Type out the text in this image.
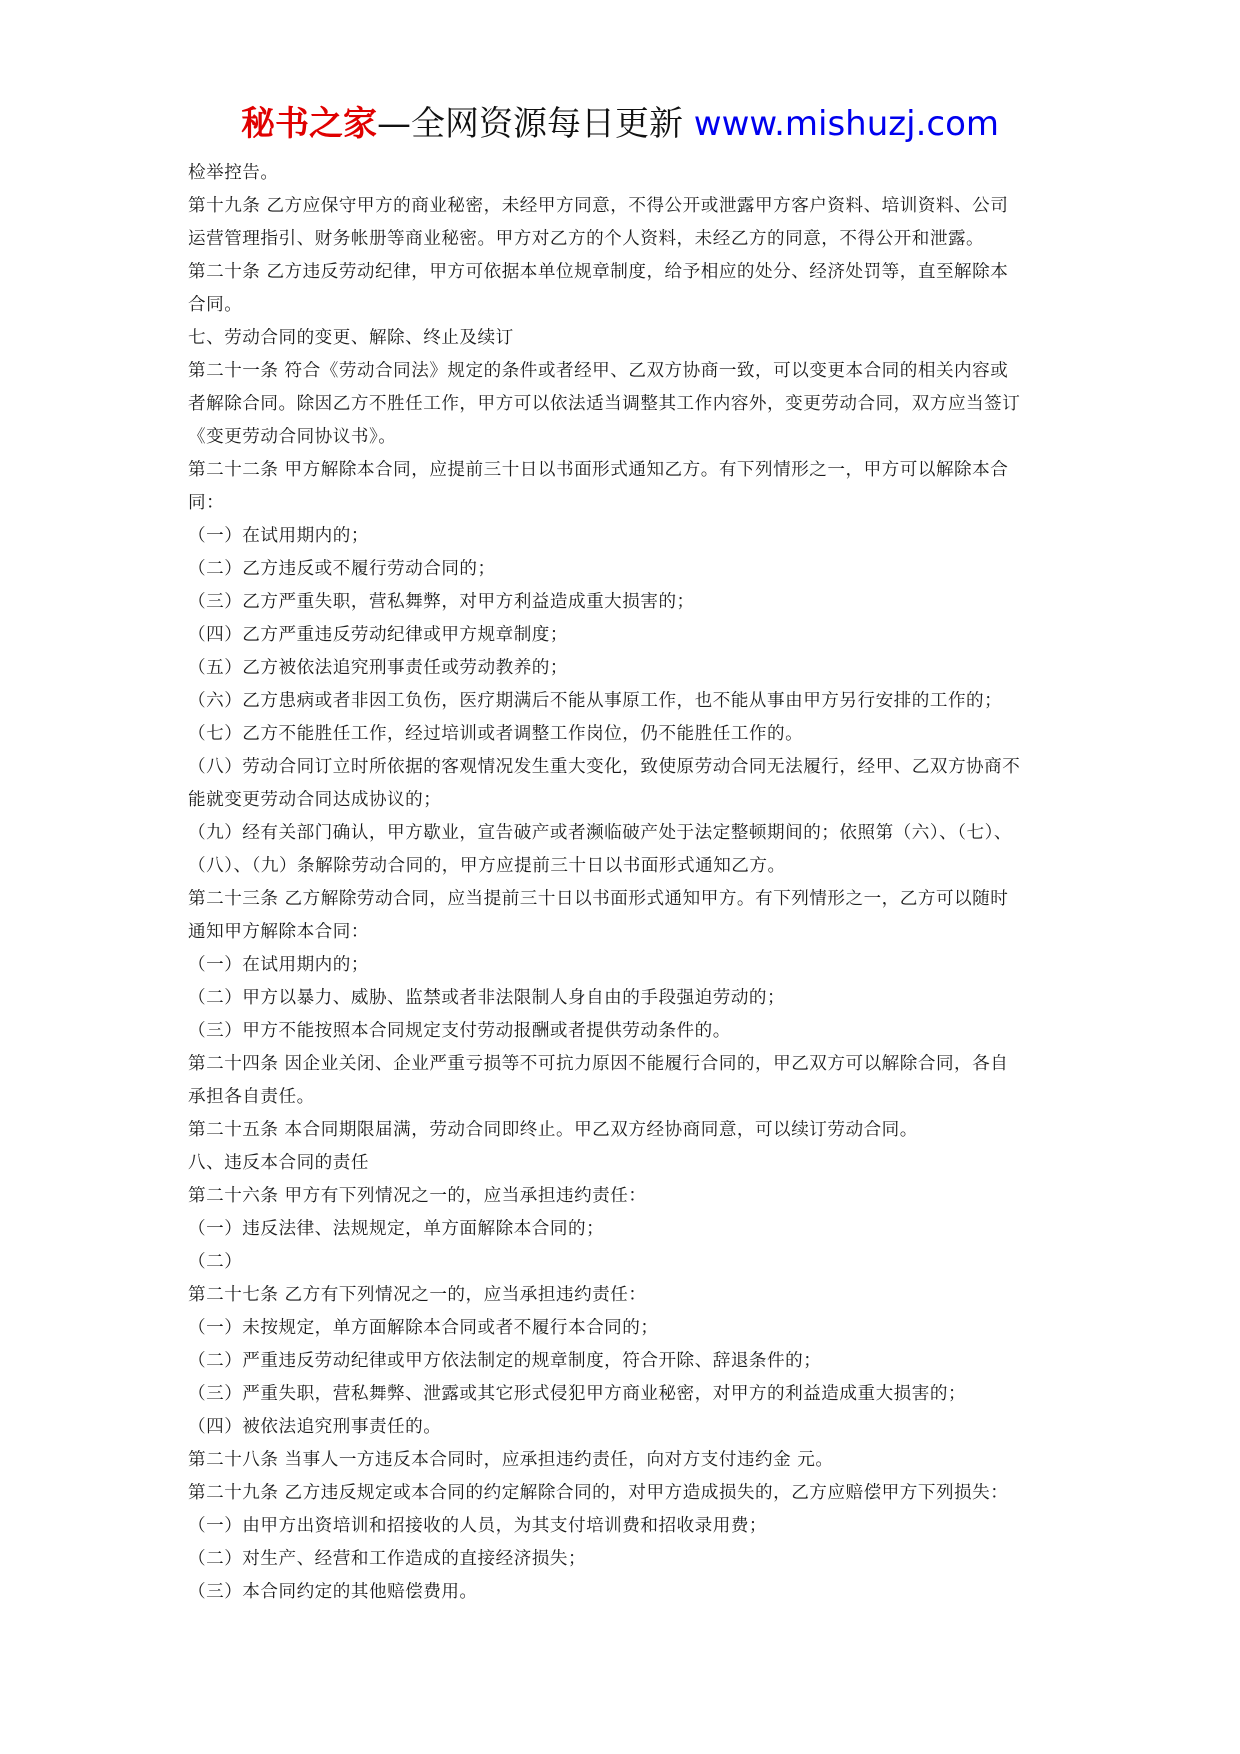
秘书之家—全网资源每日更新 www.mishuzj.com
检举控告。
第十九条 乙方应保守甲方的商业秘密，未经甲方同意，不得公开或泄露甲方客户资料、培训资料、公司
运营管理指引、财务帐册等商业秘密。甲方对乙方的个人资料，未经乙方的同意，不得公开和泄露。
第二十条 乙方违反劳动纪律，甲方可依据本单位规章制度，给予相应的处分、经济处罚等，直至解除本
合同。
七、劳动合同的变更、解除、终止及续订
第二十一条 符合《劳动合同法》规定的条件或者经甲、乙双方协商一致，可以变更本合同的相关内容或
者解除合同。除因乙方不胜任工作，甲方可以依法适当调整其工作内容外，变更劳动合同，双方应当签订
《变更劳动合同协议书》。
第二十二条 甲方解除本合同，应提前三十日以书面形式通知乙方。有下列情形之一，甲方可以解除本合
同：
（一）在试用期内的；
（二）乙方违反或不履行劳动合同的；
（三）乙方严重失职，营私舞弊，对甲方利益造成重大损害的；
（四）乙方严重违反劳动纪律或甲方规章制度；
（五）乙方被依法追究刑事责任或劳动教养的；
（六）乙方患病或者非因工负伤，医疗期满后不能从事原工作，也不能从事由甲方另行安排的工作的；
（七）乙方不能胜任工作，经过培训或者调整工作岗位，仍不能胜任工作的。
（八）劳动合同订立时所依据的客观情况发生重大变化，致使原劳动合同无法履行，经甲、乙双方协商不
能就变更劳动合同达成协议的；
（九）经有关部门确认，甲方歇业，宣告破产或者濒临破产处于法定整顿期间的；依照第（六）、（七）、
（八）、（九）条解除劳动合同的，甲方应提前三十日以书面形式通知乙方。
第二十三条 乙方解除劳动合同，应当提前三十日以书面形式通知甲方。有下列情形之一，乙方可以随时
通知甲方解除本合同：
（一）在试用期内的；
（二）甲方以暴力、威胁、监禁或者非法限制人身自由的手段强迫劳动的；
（三）甲方不能按照本合同规定支付劳动报酬或者提供劳动条件的。
第二十四条 因企业关闭、企业严重亏损等不可抗力原因不能履行合同的，甲乙双方可以解除合同，各自
承担各自责任。
第二十五条 本合同期限届满，劳动合同即终止。甲乙双方经协商同意，可以续订劳动合同。
八、违反本合同的责任
第二十六条 甲方有下列情况之一的，应当承担违约责任：
（一）违反法律、法规规定，单方面解除本合同的；
（二）
第二十七条 乙方有下列情况之一的，应当承担违约责任：
（一）未按规定，单方面解除本合同或者不履行本合同的；
（二）严重违反劳动纪律或甲方依法制定的规章制度，符合开除、辞退条件的；
（三）严重失职，营私舞弊、泄露或其它形式侵犯甲方商业秘密，对甲方的利益造成重大损害的；
（四）被依法追究刑事责任的。
第二十八条 当事人一方违反本合同时，应承担违约责任，向对方支付违约金 元。
第二十九条 乙方违反规定或本合同的约定解除合同的，对甲方造成损失的，乙方应赔偿甲方下列损失：
（一）由甲方出资培训和招接收的人员，为其支付培训费和招收录用费；
（二）对生产、经营和工作造成的直接经济损失；
（三）本合同约定的其他赔偿费用。
